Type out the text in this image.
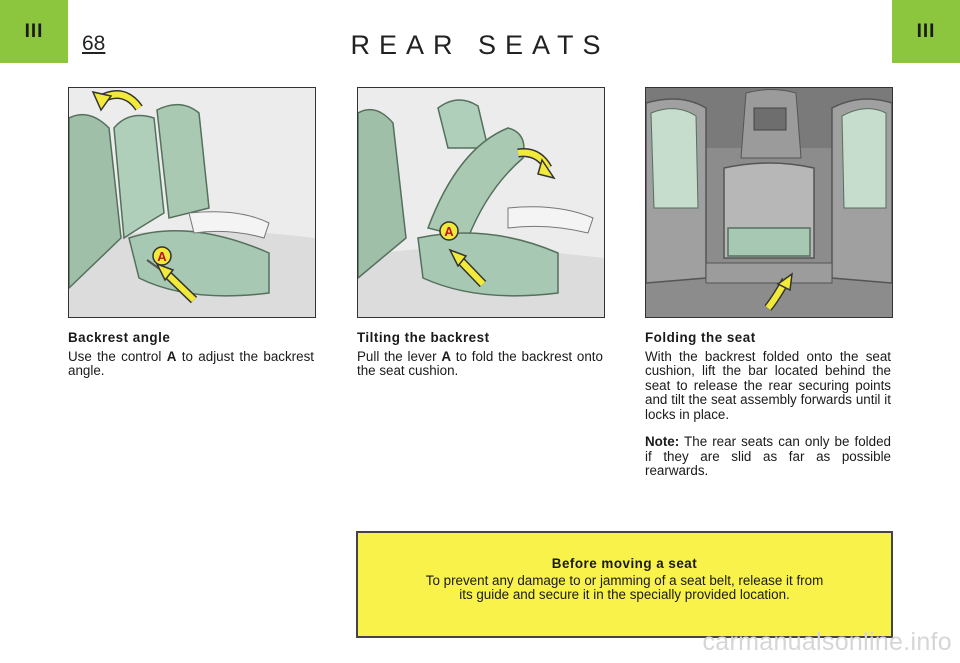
III	III
68	REAR SEATS
A
A
Backrest angle

Use the control A to adjust the backrest angle.

Tilting the backrest

Pull the lever A to fold the backrest onto the seat cushion.

Folding the seat

With the backrest folded onto the seat cushion, lift the bar located behind the seat to release the rear securing points and tilt the seat assembly forwards until it locks in place.

Note: The rear seats can only be folded if they are slid as far as possible rearwards.

Before moving a seat

To prevent any damage to or jamming of a seat belt, release it from its guide and secure it in the specially provided location.

carmanualsonline.info
